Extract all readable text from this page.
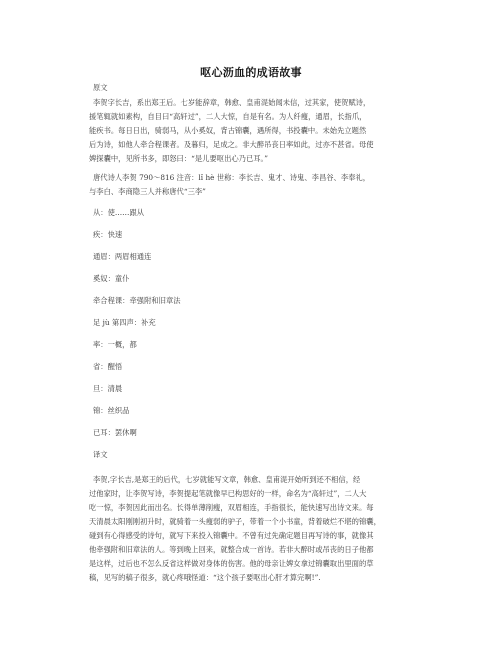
呕心沥血的成语故事
原文
李贺字长吉，系出郑王后。七岁能辞章，韩愈、皇甫湜始闻未信，过其家，使贺赋诗，
援笔辄就如素构，自目曰“高轩过”，二人大惊，自是有名。为人纤瘦，通眉，长指爪，
能疾书。每日日出，骑弱马，从小奚奴，背古锦囊，遇所得，书投囊中。未始先立题然
后为诗，如他人牵合程课者。及暮归，足成之。非大醉吊丧日率如此，过亦不甚省。母使
婢探囊中，见所书多，即怒曰：“是儿要呕出心乃已耳。”
唐代诗人李贺 790～816 注音：lǐ hè 世称：李长吉、鬼才、诗鬼、李昌谷、李奉礼，
与李白、李商隐三人并称唐代“三李”
从：使……跟从
疾：快速
通眉：两眉相通连
奚奴：童仆
牵合程课：牵强附和旧章法
足 jù 第四声：补充
率：一概，都
省：醒悟
旦：清晨
锦：丝织品
已耳：罢休啊
译文
李贺,字长吉,是郑王的后代，七岁就能写文章，韩愈、皇甫湜开始听到还不相信，经
过他家时，让李贺写诗，李贺提起笔就像早已构思好的一样，命名为“高轩过”，二人大
吃一惊，李贺因此而出名。长得单薄削瘦，双眉相连，手指很长，能快速写出诗文来。每
天清晨太阳刚刚初升时，就骑着一头瘦弱的驴子，带着一个小书童，背着破烂不堪的锦囊，
碰到有心得感受的诗句，就写下来投入锦囊中。不曾有过先确定题目再写诗的事，就像其
他牵强附和旧章法的人。等到晚上回来，就整合成一首诗。若非大醉时或吊丧的日子他都
是这样，过后也不怎么反省这样做对身体的伤害。他的母亲让婢女拿过锦囊取出里面的草
稿，见写的稿子很多，就心疼哦怪道：“这个孩子要呕出心肝才算完啊!”.
